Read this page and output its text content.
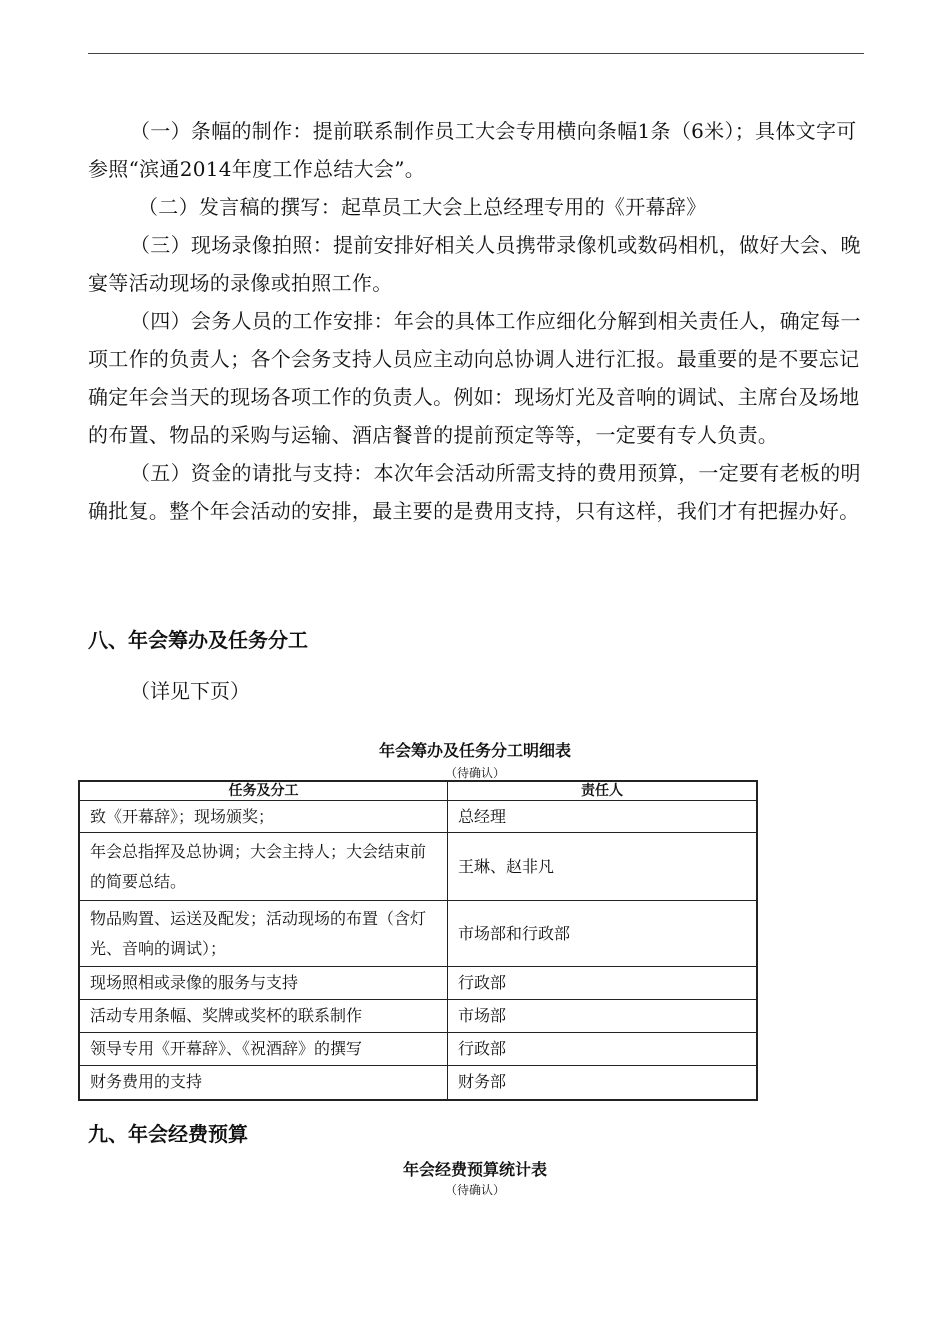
（一）条幅的制作：提前联系制作员工大会专用横向条幅1条（6米）；具体文字可参照“滨通2014年度工作总结大会”。

（二）发言稿的撰写：起草员工大会上总经理专用的《开幕辞》

（三）现场录像拍照：提前安排好相关人员携带录像机或数码相机，做好大会、晚宴等活动现场的录像或拍照工作。

（四）会务人员的工作安排：年会的具体工作应细化分解到相关责任人，确定每一项工作的负责人；各个会务支持人员应主动向总协调人进行汇报。最重要的是不要忘记确定年会当天的现场各项工作的负责人。例如：现场灯光及音响的调试、主席台及场地的布置、物品的采购与运输、酒店餐普的提前预定等等，一定要有专人负责。

（五）资金的请批与支持：本次年会活动所需支持的费用预算，一定要有老板的明确批复。整个年会活动的安排，最主要的是费用支持，只有这样，我们才有把握办好。

八、年会筹办及任务分工

（详见下页）

年会筹办及任务分工明细表

（待确认）

任务及分工	责任人
致《开幕辞》；现场颁奖；	总经理
年会总指挥及总协调；大会主持人；大会结束前的简要总结。	王琳、赵非凡
物品购置、运送及配发；活动现场的布置（含灯光、音响的调试）；	市场部和行政部
现场照相或录像的服务与支持	行政部
活动专用条幅、奖牌或奖杯的联系制作	市场部
领导专用《开幕辞》、《祝酒辞》的撰写	行政部
财务费用的支持	财务部
九、年会经费预算

年会经费预算统计表

（待确认）
